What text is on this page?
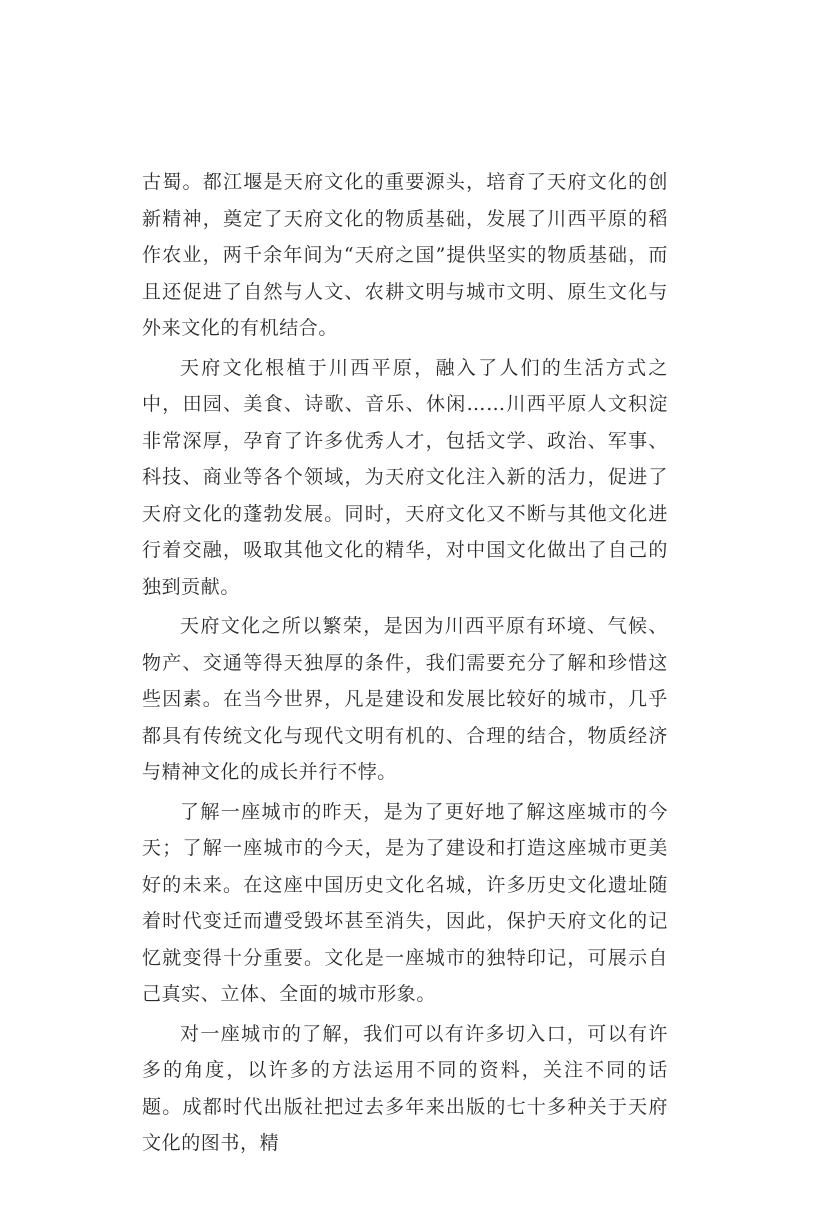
古蜀。都江堰是天府文化的重要源头，培育了天府文化的创新精神，奠定了天府文化的物质基础，发展了川西平原的稻作农业，两千余年间为“天府之国”提供坚实的物质基础，而且还促进了自然与人文、农耕文明与城市文明、原生文化与外来文化的有机结合。

天府文化根植于川西平原，融入了人们的生活方式之中，田园、美食、诗歌、音乐、休闲……川西平原人文积淀非常深厚，孕育了许多优秀人才，包括文学、政治、军事、科技、商业等各个领域，为天府文化注入新的活力，促进了天府文化的蓬勃发展。同时，天府文化又不断与其他文化进行着交融，吸取其他文化的精华，对中国文化做出了自己的独到贡献。

天府文化之所以繁荣，是因为川西平原有环境、气候、物产、交通等得天独厚的条件，我们需要充分了解和珍惜这些因素。在当今世界，凡是建设和发展比较好的城市，几乎都具有传统文化与现代文明有机的、合理的结合，物质经济与精神文化的成长并行不悖。

了解一座城市的昨天，是为了更好地了解这座城市的今天；了解一座城市的今天，是为了建设和打造这座城市更美好的未来。在这座中国历史文化名城，许多历史文化遗址随着时代变迁而遭受毁坏甚至消失，因此，保护天府文化的记忆就变得十分重要。文化是一座城市的独特印记，可展示自己真实、立体、全面的城市形象。

对一座城市的了解，我们可以有许多切入口，可以有许多的角度，以许多的方法运用不同的资料，关注不同的话题。成都时代出版社把过去多年来出版的七十多种关于天府文化的图书，精
